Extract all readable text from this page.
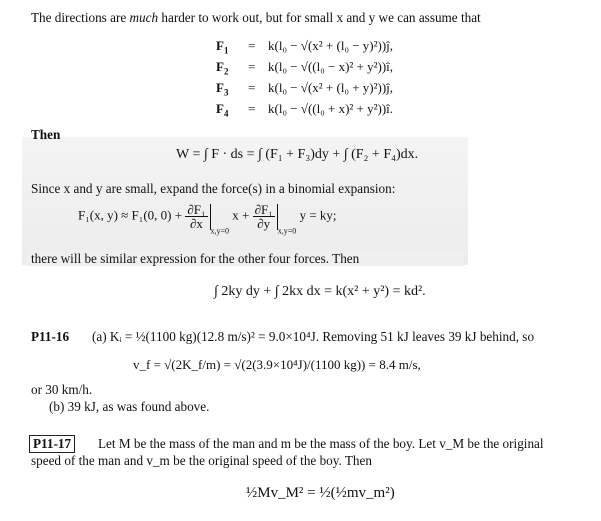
The directions are much harder to work out, but for small x and y we can assume that
$F_1 = k(l_0 - √(x^2 + (l_0$ − y)²))ĵ,
$F_2 = k(l_0 - √((l_0 - x)^2$ + y²))î,
$F_3 = k(l_0 - √(x^2 + (l_0$ + y)²))ĵ,
$F_4 = k(l_0 - √((l_0 + x)^2$ + y²))î.
Then
W = ∫ F · ds = ∫ (F₁ + F₃)dy + ∫ (F₂ + F₄)dx.
Since x and y are small, expand the force(s) in a binomial expansion:
F₁(x, y) ≈ F₁(0, $0) + \frac{\text{∂F₁}}{\partial x}$
$_{x,y=0}$ $x + \frac{\text{∂F₁}}{\partial y}$
$_{x,y=0}$ y = ky;
there will be similar expression for the other four forces. Then
∫ 2ky dy + ∫ 2kx dx = k(x² + y²) = kd².
P11-16 (a) Kᵢ = ½(1100 kg)(12.8 m/s)² = 9.0×10⁴J. Removing 51 kJ leaves 39 kJ behind, so
v_f = √(2K_f/m) = √(2(3.9×10⁴J)/(1100 kg)) = 8.4 m/s,
or 30 km/h.
(b) 39 kJ, as was found above.
P11-17	Let M be the mass of the man and m be the mass of the boy. Let v_M be the original
speed of the man and v_m be the original speed of the boy. Then
½Mv_M² = ½(½mv_m²)
